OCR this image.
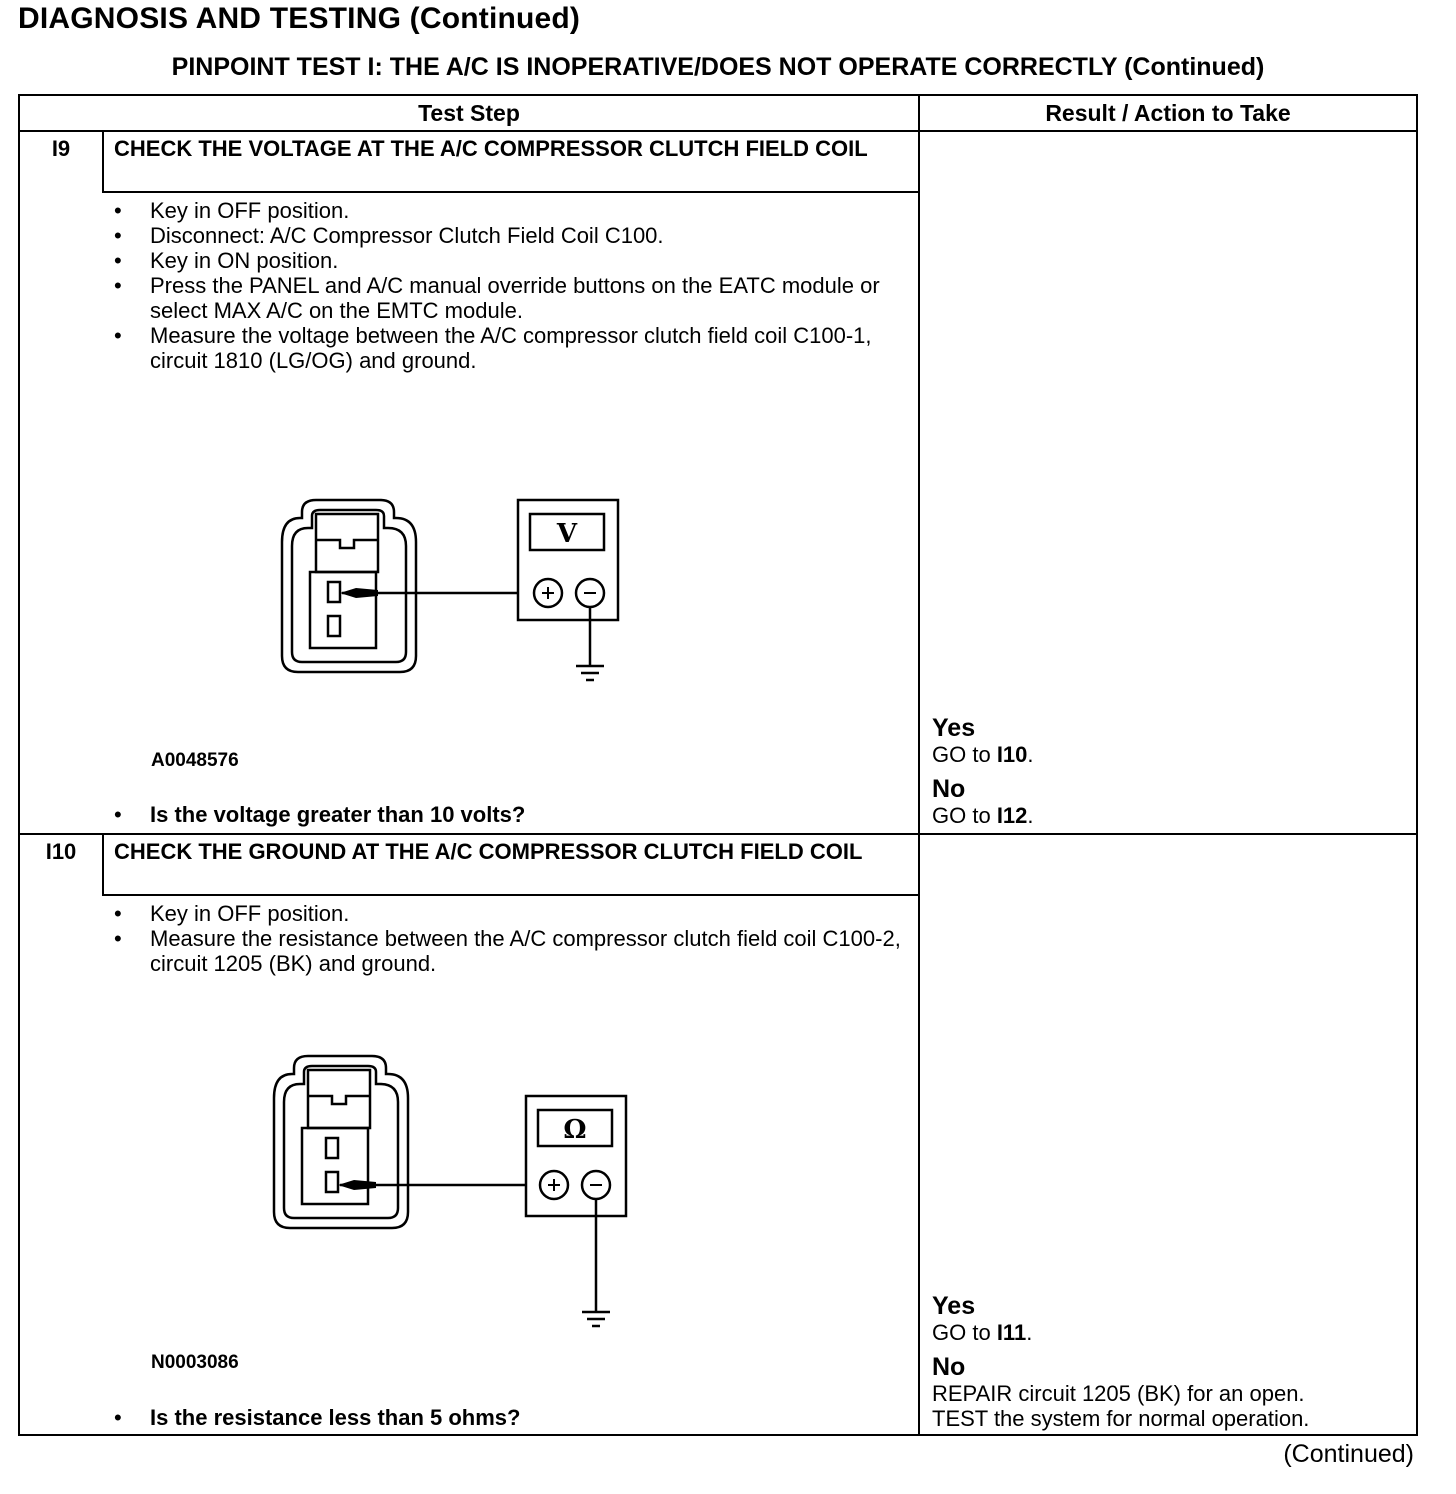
DIAGNOSIS AND TESTING (Continued)
PINPOINT TEST I: THE A/C IS INOPERATIVE/DOES NOT OPERATE CORRECTLY (Continued)
Test Step	Result / Action to Take
I9	CHECK THE VOLTAGE AT THE A/C COMPRESSOR CLUTCH FIELD COIL
• Key in OFF position.
• Disconnect: A/C Compressor Clutch Field Coil C100.
• Key in ON position.
• Press the PANEL and A/C manual override buttons on the EATC module or select MAX A/C on the EMTC module.
• Measure the voltage between the A/C compressor clutch field coil C100-1, circuit 1810 (LG/OG) and ground.
V
A0048576
• Is the voltage greater than 10 volts?
Yes
GO to I10.
No
GO to I12.
I10	CHECK THE GROUND AT THE A/C COMPRESSOR CLUTCH FIELD COIL
• Key in OFF position.
• Measure the resistance between the A/C compressor clutch field coil C100-2, circuit 1205 (BK) and ground.
Ω
N0003086
• Is the resistance less than 5 ohms?
Yes
GO to I11.
No
REPAIR circuit 1205 (BK) for an open.
TEST the system for normal operation.
(Continued)
